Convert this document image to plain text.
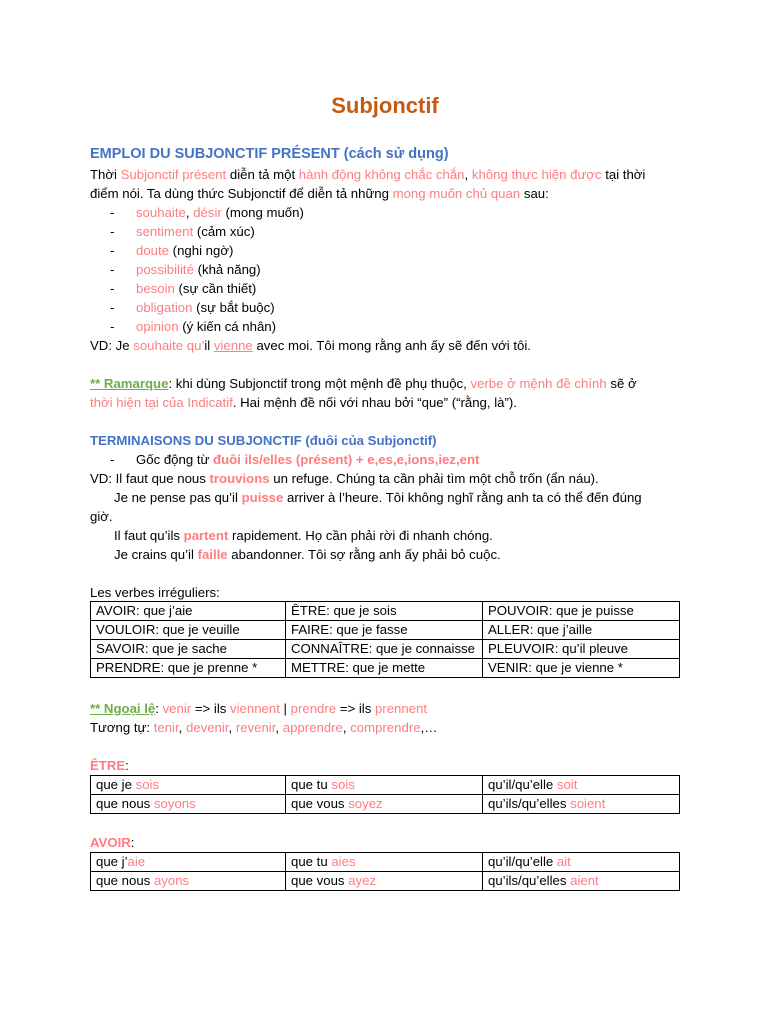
Subjonctif
EMPLOI DU SUBJONCTIF PRÉSENT (cách sử dụng)
Thời Subjonctif présent diễn tả một hành động không chắc chắn, không thực hiện được tại thời
điểm nói. Ta dùng thức Subjonctif để diễn tả những mong muốn chủ quan sau:
- souhaite, désir (mong muốn)
- sentiment (cảm xúc)
- doute (nghi ngờ)
- possibilité (khả năng)
- besoin (sự cần thiết)
- obligation (sự bắt buộc)
- opinion (ý kiến cá nhân)
VD: Je souhaite qu’il vienne avec moi. Tôi mong rằng anh ấy sẽ đến với tôi.
** Ramarque: khi dùng Subjonctif trong một mệnh đề phụ thuộc, verbe ở mệnh đề chính sẽ ở
thời hiện tại của Indicatif. Hai mệnh đề nối với nhau bởi “que” (“rằng, là”).
TERMINAISONS DU SUBJONCTIF (đuôi của Subjonctif)
- Gốc động từ đuôi ils/elles (présent) + e,es,e,ions,iez,ent
VD: Il faut que nous trouvions un refuge. Chúng ta cần phải tìm một chỗ trốn (ẩn náu).
Je ne pense pas qu’il puisse arriver à l’heure. Tôi không nghĩ rằng anh ta có thể đến đúng
giờ.
Il faut qu’ils partent rapidement. Họ cần phải rời đi nhanh chóng.
Je crains qu’il faille abandonner. Tôi sợ rằng anh ấy phải bỏ cuộc.
Les verbes irréguliers:
AVOIR: que j’aie	ÊTRE: que je sois	POUVOIR: que je puisse
VOULOIR: que je veuille	FAIRE: que je fasse	ALLER: que j’aille
SAVOIR: que je sache	CONNAÎTRE: que je connaisse	PLEUVOIR: qu’il pleuve
PRENDRE: que je prenne *	METTRE: que je mette	VENIR: que je vienne *
** Ngoại lệ: venir => ils viennent | prendre => ils prennent
Tương tự: tenir, devenir, revenir, apprendre, comprendre,…
ÊTRE:
que je sois	que tu sois	qu’il/qu’elle soit
que nous soyons	que vous soyez	qu’ils/qu’elles soient
AVOIR:
que j’aie	que tu aies	qu’il/qu’elle ait
que nous ayons	que vous ayez	qu’ils/qu’elles aient
